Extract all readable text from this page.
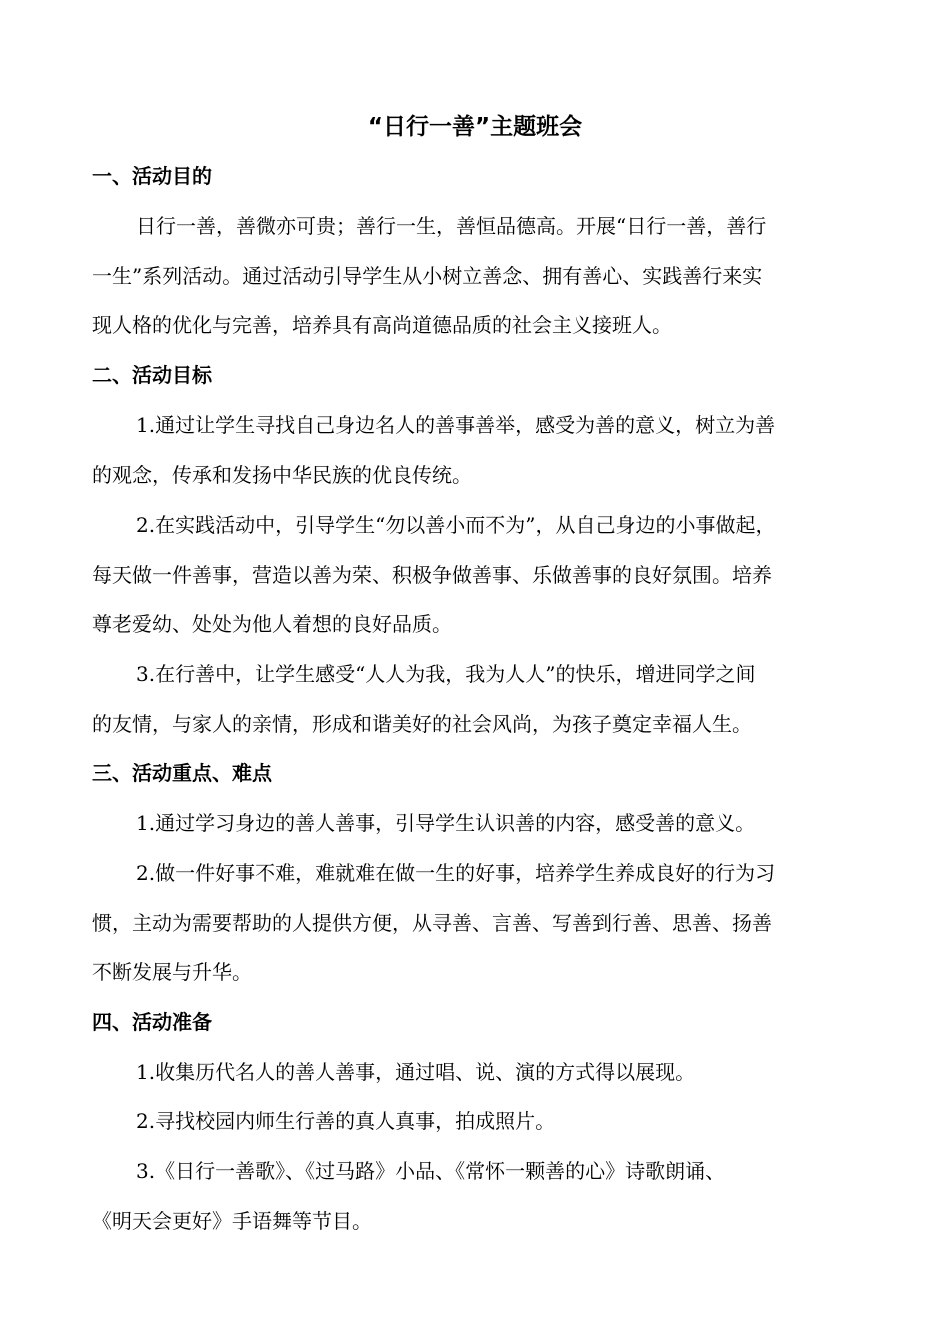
“日行一善”主题班会
一、活动目的
日行一善，善微亦可贵；善行一生，善恒品德高。开展“日行一善，善行
一生”系列活动。通过活动引导学生从小树立善念、拥有善心、实践善行来实
现人格的优化与完善，培养具有高尚道德品质的社会主义接班人。
二、活动目标
1.通过让学生寻找自己身边名人的善事善举，感受为善的意义，树立为善
的观念，传承和发扬中华民族的优良传统。
2.在实践活动中，引导学生“勿以善小而不为”，从自己身边的小事做起，
每天做一件善事，营造以善为荣、积极争做善事、乐做善事的良好氛围。培养
尊老爱幼、处处为他人着想的良好品质。
3.在行善中，让学生感受“人人为我，我为人人”的快乐，增进同学之间
的友情，与家人的亲情，形成和谐美好的社会风尚，为孩子奠定幸福人生。
三、活动重点、难点
1.通过学习身边的善人善事，引导学生认识善的内容，感受善的意义。
2.做一件好事不难，难就难在做一生的好事，培养学生养成良好的行为习
惯，主动为需要帮助的人提供方便，从寻善、言善、写善到行善、思善、扬善
不断发展与升华。
四、活动准备
1.收集历代名人的善人善事，通过唱、说、演的方式得以展现。
2.寻找校园内师生行善的真人真事，拍成照片。
3.《日行一善歌》、《过马路》小品、《常怀一颗善的心》诗歌朗诵、
《明天会更好》手语舞等节目。
